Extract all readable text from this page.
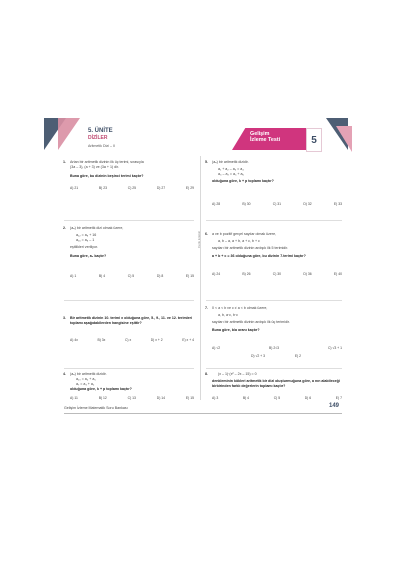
5. ÜNİTE
DİZİLER
Aritmetik Dizi – II
Gelişim
İzleme Testi	5
Cenk Ertekin
1. Artan bir aritmetik dizinin ilk üç terimi, sırasıyla
(3a – 3), (a + 3) ve (3a + 1) dir.
Buna göre, bu dizinin beşinci terimi kaçtır?
A) 21	B) 23	C) 25	D) 27	E) 29
2. (aₙ) bir aritmetik dizi olmak üzere,
a₁₂ = a₈ + 16
a₁₆ = a₈ – 1
eşitlikleri veriliyor.
Buna göre, a₂ kaçtır?
A) 1	B) 4	C) 5	D) 8	E) 15
3. Bir aritmetik dizinin 10. terimi x olduğuna göre, 5., 9., 11. ve 12. terimleri toplamı aşağıdakilerden hangisine eşittir?
A) 4x	B) 3x	C) x	D) x + 2	E) x + 4
4. (aₙ) bir aritmetik dizidir.
a₁₀ = a₄ + a₅
a₇ = a₃ + a₂
olduğuna göre, k + p toplamı kaçtır?
A) 11	B) 12	C) 13	D) 14	E) 15
5. (aₙ) bir aritmetik dizidir.
a₁ + a₂ – a₃ = a₄
a₃ – a₂ = a₅ + a₆
olduğuna göre, k + p toplamı kaçtır?
A) 28	B) 30	C) 31	D) 32	E) 33
6. a ve b pozitif gerçel sayılar olmak üzere,
a, b – a, a + b, a + c, b + c
sayıları bir aritmetik dizinin ardışık ilk 5 terimidir.
a + b + c = 36 olduğuna göre, bu dizinin 7.terimi kaçtır?
A) 24	B) 26	C) 30	D) 36	E) 40
7. 0 < a < b ve c ≠ a < b olmak üzere,
a, b, a·c, b·c
sayıları bir aritmetik dizinin ardışık ilk üç terimidir.
Buna göre, b/a oranı kaçtır?
A) √2	B) 2√3	C) √3 + 1
D) √2 + 3	E) 2
8.	(x – 1)·(x² – 2x – 15) = 0
denkleminin kökleri aritmetik bir dizi oluşturmuğuna göre, a nın alabileceği birbirinden farklı değerlerin toplamı kaçtır?
A) 3	B) 4	C) 5	D) 6	E) 7
Gelişim İzleme Matematik Soru Bankası	149
